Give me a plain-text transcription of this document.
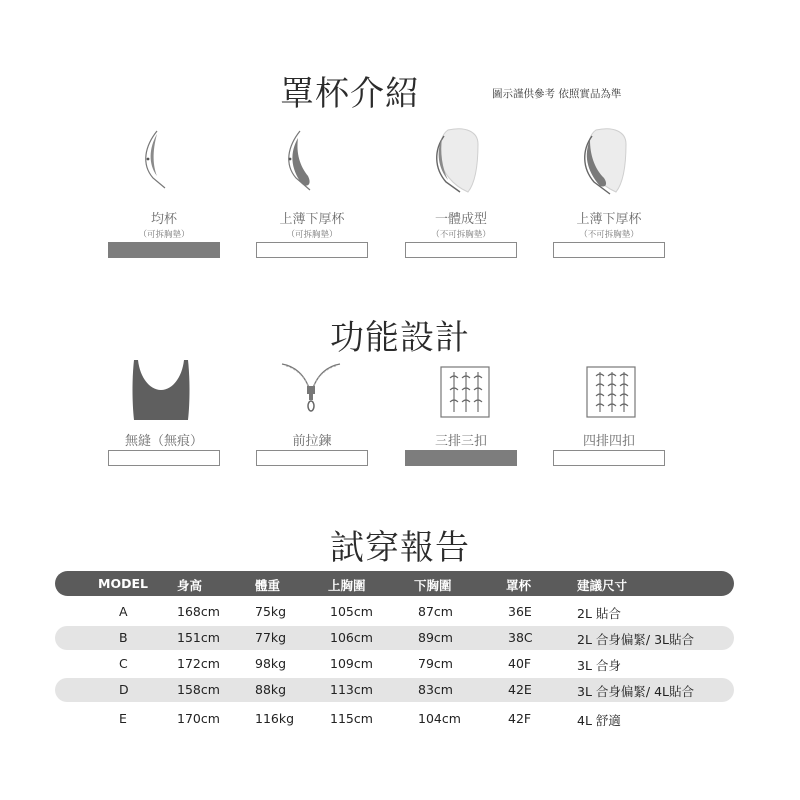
罩杯介紹	圖示謹供參考 依照實品為準
均杯
（可拆胸墊）
上薄下厚杯
（可拆胸墊）
一體成型
（不可拆胸墊）
上薄下厚杯
（不可拆胸墊）
功能設計
無縫（無痕）	前拉鍊	三排三扣	四排四扣
試穿報告
MODEL 身高	體重	上胸圍	下胸圍	罩杯	建議尺寸
A	168cm	75kg	105cm	87cm	36E	2L 貼合
B	151cm	77kg	106cm	89cm	38C	2L 合身偏緊/ 3L貼合
C	172cm	98kg	109cm	79cm	40F	3L 合身
D	158cm	88kg	113cm	83cm	42E	3L 合身偏緊/ 4L貼合
E	170cm	116kg	115cm	104cm	42F	4L 舒適
